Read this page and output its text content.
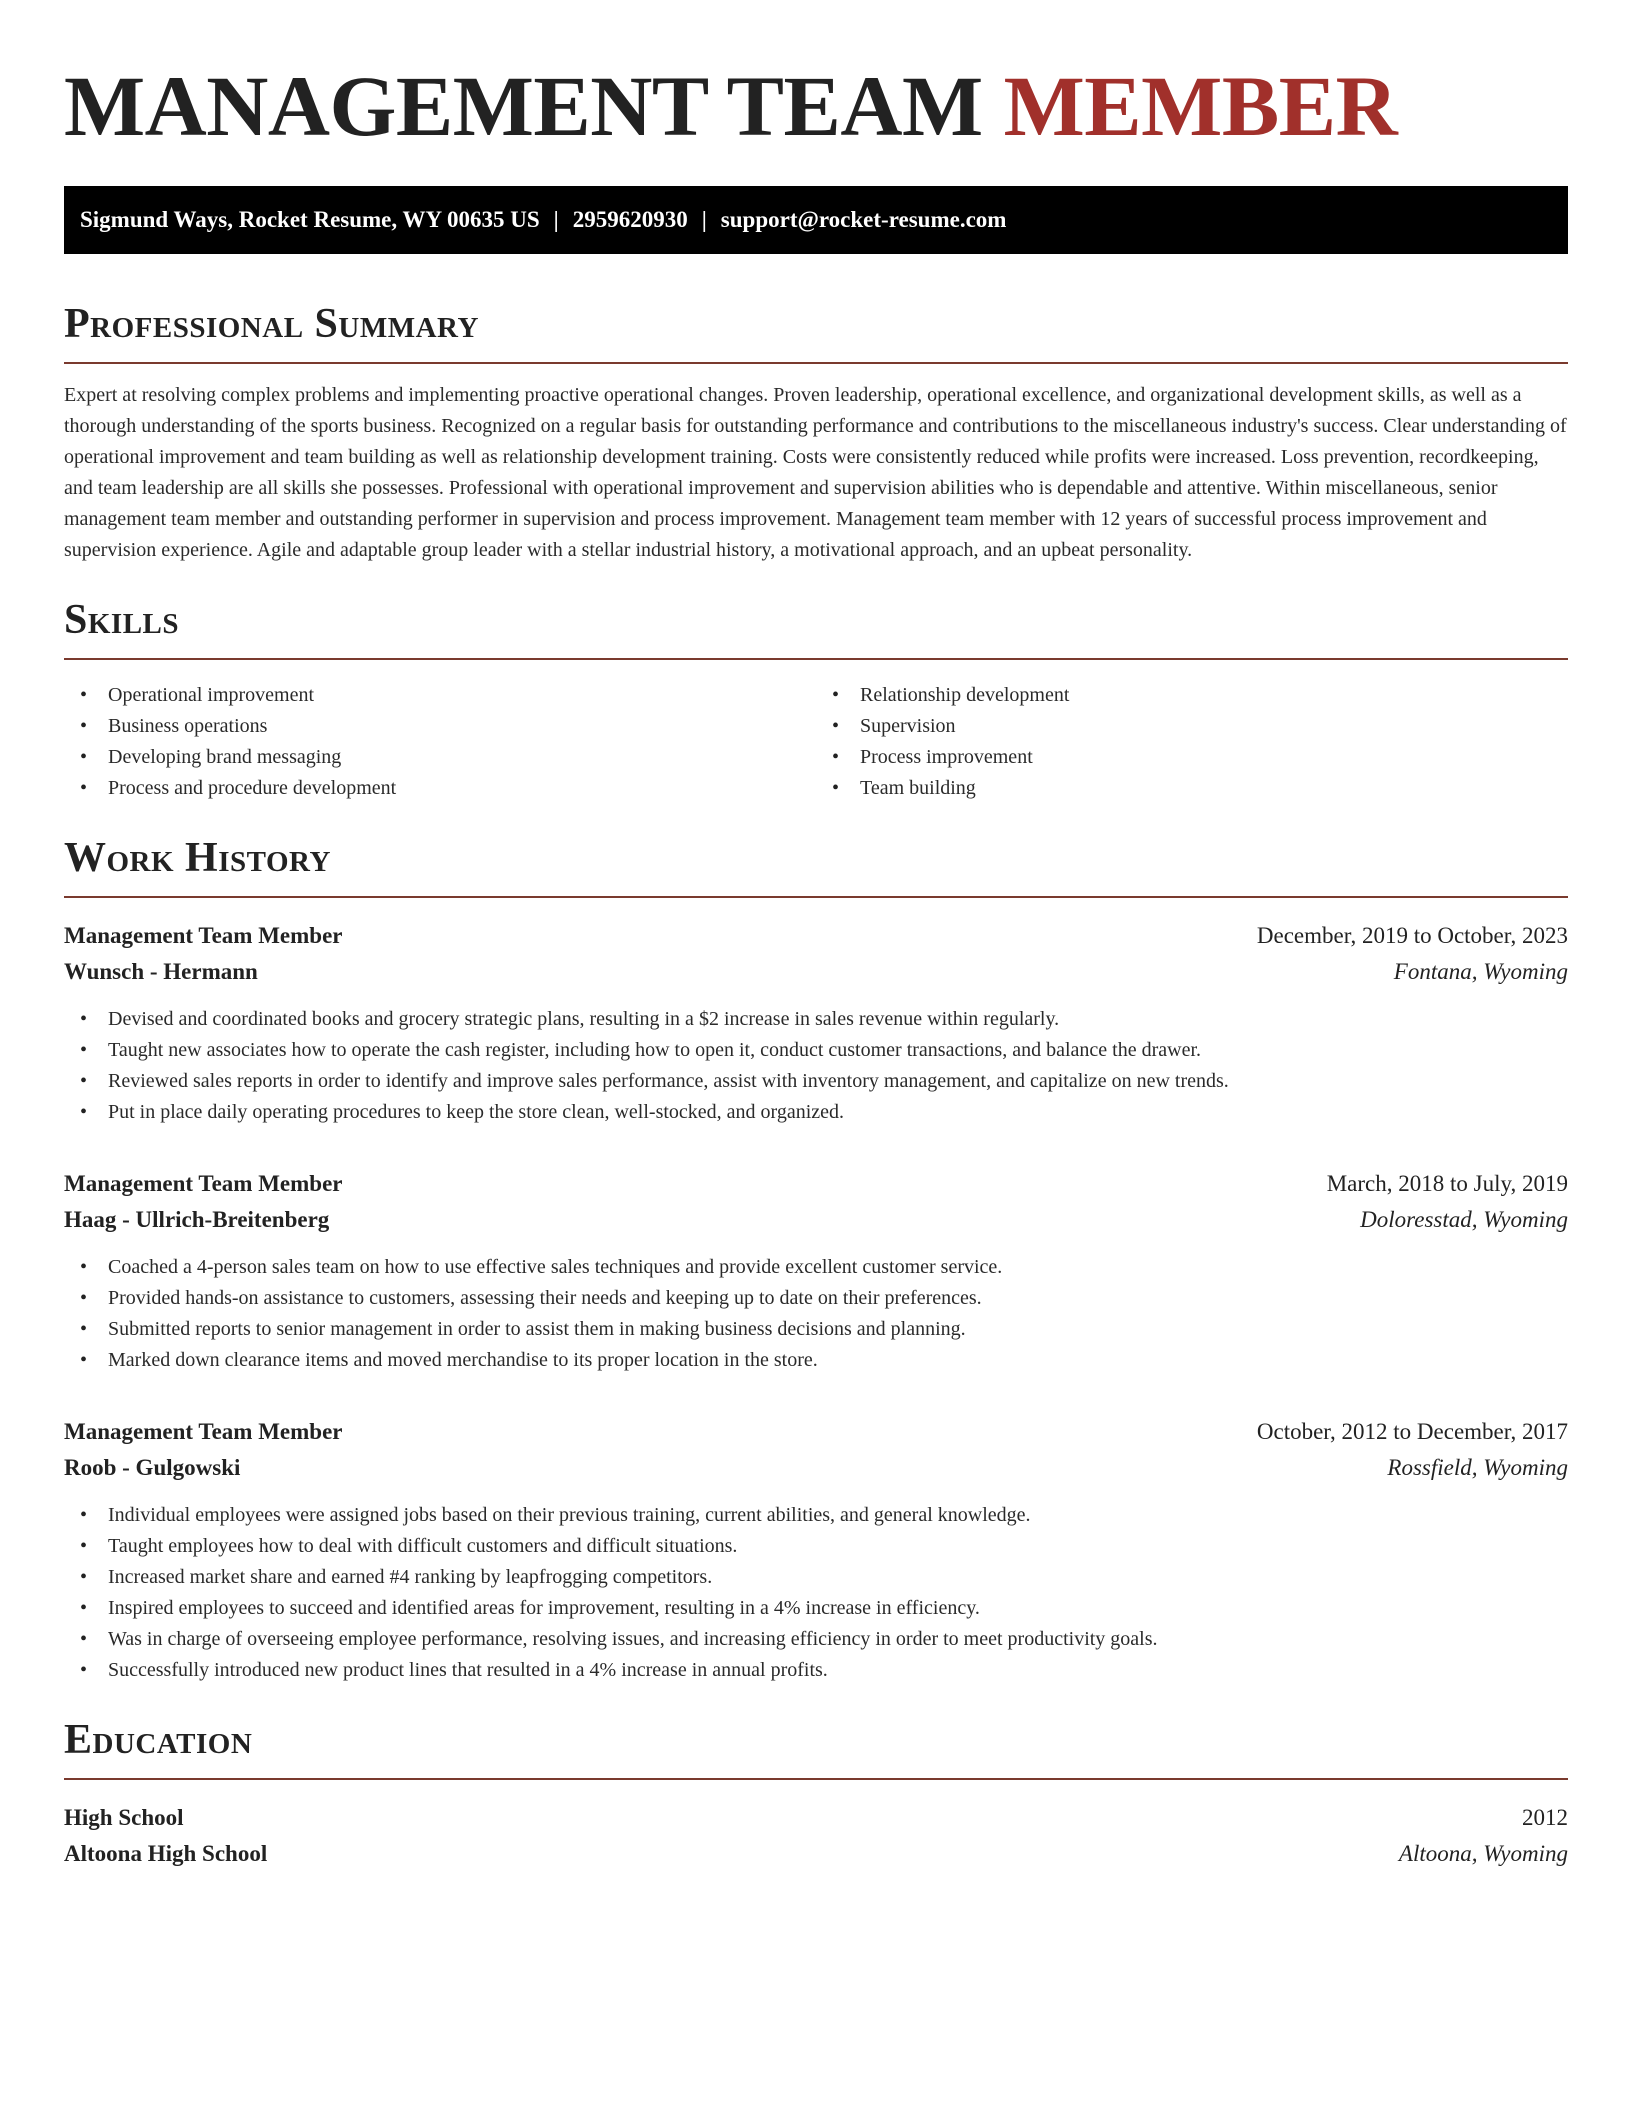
MANAGEMENT TEAM MEMBER
Sigmund Ways, Rocket Resume, WY 00635 US | 2959620930 | support@rocket-resume.com
Professional Summary
Expert at resolving complex problems and implementing proactive operational changes. Proven leadership, operational excellence, and organizational development skills, as well as a thorough understanding of the sports business. Recognized on a regular basis for outstanding performance and contributions to the miscellaneous industry's success. Clear understanding of operational improvement and team building as well as relationship development training. Costs were consistently reduced while profits were increased. Loss prevention, recordkeeping, and team leadership are all skills she possesses. Professional with operational improvement and supervision abilities who is dependable and attentive. Within miscellaneous, senior management team member and outstanding performer in supervision and process improvement. Management team member with 12 years of successful process improvement and supervision experience. Agile and adaptable group leader with a stellar industrial history, a motivational approach, and an upbeat personality.
Skills
• Operational improvement
• Business operations
• Developing brand messaging
• Process and procedure development
• Relationship development
• Supervision
• Process improvement
• Team building
Work History
Management Team Member	December, 2019 to October, 2023
Wunsch - Hermann	Fontana, Wyoming
• Devised and coordinated books and grocery strategic plans, resulting in a $2 increase in sales revenue within regularly.
• Taught new associates how to operate the cash register, including how to open it, conduct customer transactions, and balance the drawer.
• Reviewed sales reports in order to identify and improve sales performance, assist with inventory management, and capitalize on new trends.
• Put in place daily operating procedures to keep the store clean, well-stocked, and organized.
Management Team Member	March, 2018 to July, 2019
Haag - Ullrich-Breitenberg	Doloresstad, Wyoming
• Coached a 4-person sales team on how to use effective sales techniques and provide excellent customer service.
• Provided hands-on assistance to customers, assessing their needs and keeping up to date on their preferences.
• Submitted reports to senior management in order to assist them in making business decisions and planning.
• Marked down clearance items and moved merchandise to its proper location in the store.
Management Team Member	October, 2012 to December, 2017
Roob - Gulgowski	Rossfield, Wyoming
• Individual employees were assigned jobs based on their previous training, current abilities, and general knowledge.
• Taught employees how to deal with difficult customers and difficult situations.
• Increased market share and earned #4 ranking by leapfrogging competitors.
• Inspired employees to succeed and identified areas for improvement, resulting in a 4% increase in efficiency.
• Was in charge of overseeing employee performance, resolving issues, and increasing efficiency in order to meet productivity goals.
• Successfully introduced new product lines that resulted in a 4% increase in annual profits.
Education
High School	2012
Altoona High School	Altoona, Wyoming
